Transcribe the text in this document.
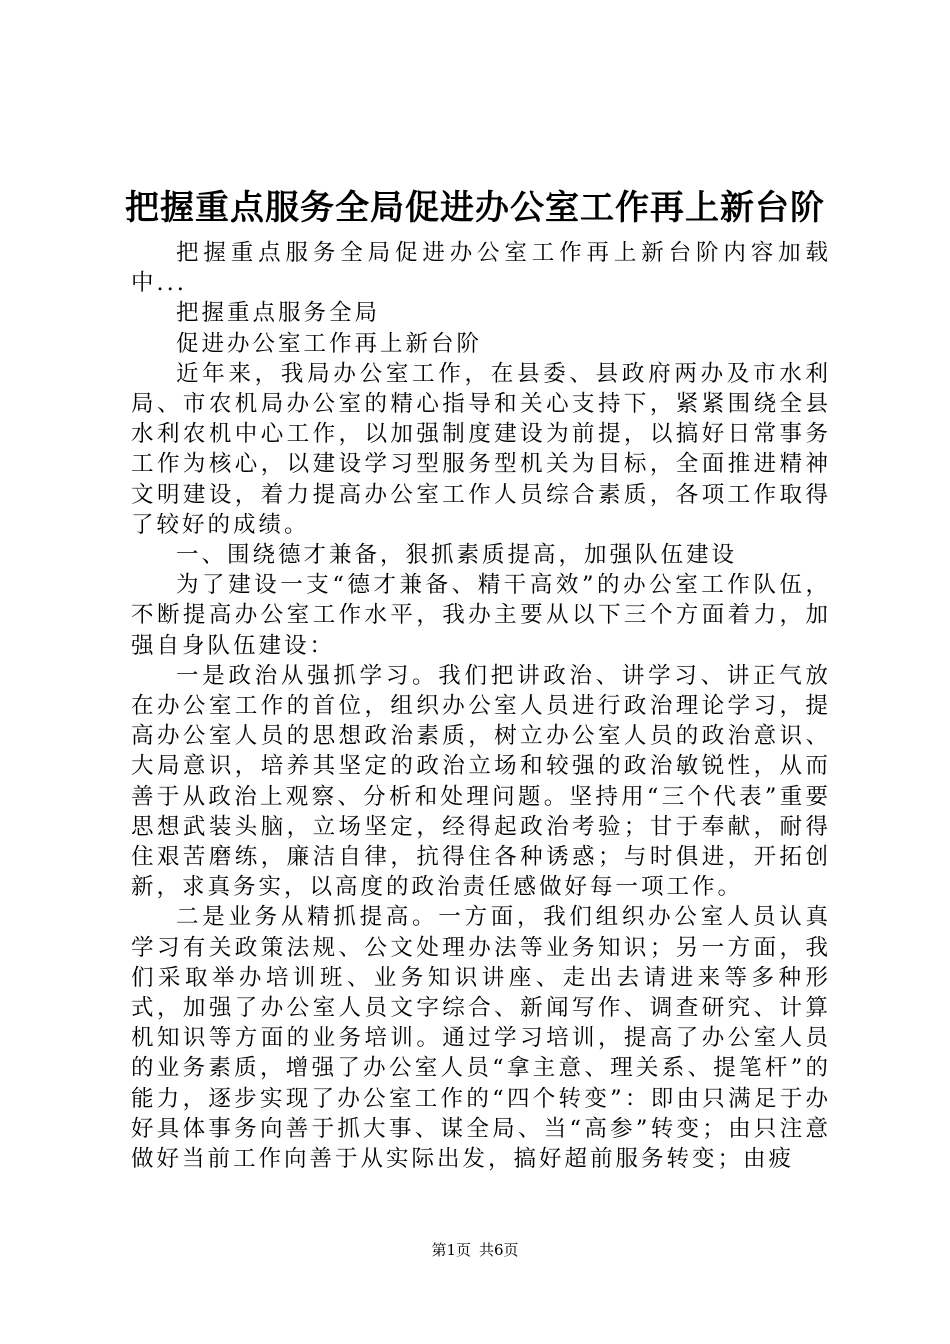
把握重点服务全局促进办公室工作再上新台阶

把握重点服务全局促进办公室工作再上新台阶内容加载中...

把握重点服务全局

促进办公室工作再上新台阶

近年来，我局办公室工作，在县委、县政府两办及市水利局、市农机局办公室的精心指导和关心支持下，紧紧围绕全县水利农机中心工作，以加强制度建设为前提，以搞好日常事务工作为核心，以建设学习型服务型机关为目标，全面推进精神文明建设，着力提高办公室工作人员综合素质，各项工作取得了较好的成绩。

一、围绕德才兼备，狠抓素质提高，加强队伍建设

为了建设一支“德才兼备、精干高效”的办公室工作队伍，不断提高办公室工作水平，我办主要从以下三个方面着力，加强自身队伍建设：

一是政治从强抓学习。我们把讲政治、讲学习、讲正气放在办公室工作的首位，组织办公室人员进行政治理论学习，提高办公室人员的思想政治素质，树立办公室人员的政治意识、大局意识，培养其坚定的政治立场和较强的政治敏锐性，从而善于从政治上观察、分析和处理问题。坚持用“三个代表”重要思想武装头脑，立场坚定，经得起政治考验；甘于奉献，耐得住艰苦磨练，廉洁自律，抗得住各种诱惑；与时俱进，开拓创新，求真务实，以高度的政治责任感做好每一项工作。

二是业务从精抓提高。一方面，我们组织办公室人员认真学习有关政策法规、公文处理办法等业务知识；另一方面，我们采取举办培训班、业务知识讲座、走出去请进来等多种形式，加强了办公室人员文字综合、新闻写作、调查研究、计算机知识等方面的业务培训。通过学习培训，提高了办公室人员的业务素质，增强了办公室人员“拿主意、理关系、提笔杆”的能力，逐步实现了办公室工作的“四个转变”：即由只满足于办好具体事务向善于抓大事、谋全局、当“高参”转变；由只注意做好当前工作向善于从实际出发，搞好超前服务转变；由疲

第1页 共6页
